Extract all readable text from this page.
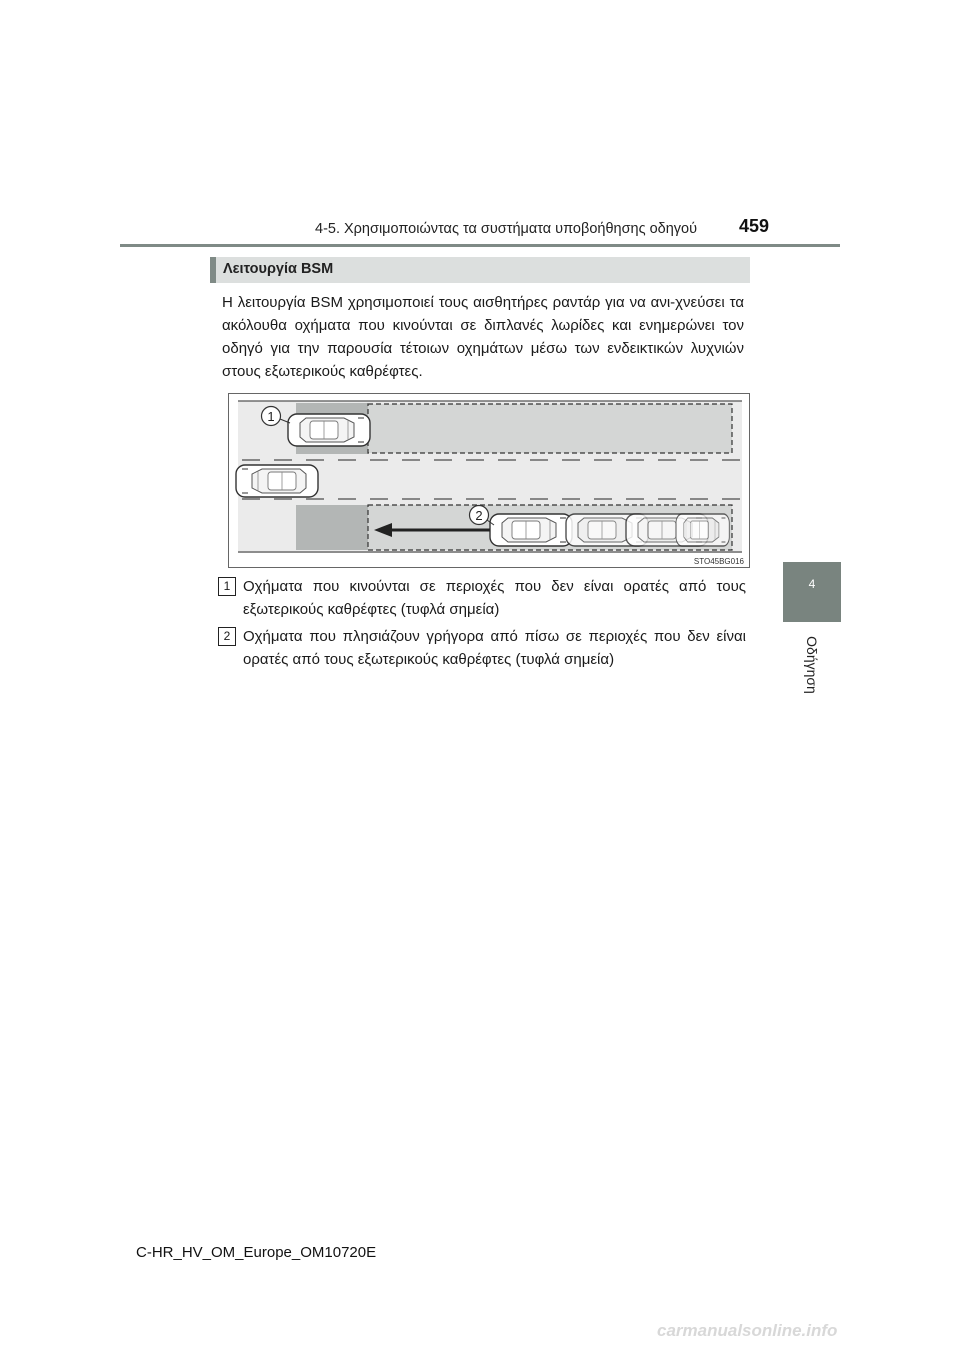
4-5. Χρησιμοποιώντας τα συστήματα υποβοήθησης οδηγού 459
4
Οδήγηση
Λειτουργία BSM
Η λειτουργία BSM χρησιμοποιεί τους αισθητήρες ραντάρ για να ανι-χνεύσει τα ακόλουθα οχήματα που κινούνται σε διπλανές λωρίδες και ενημερώνει τον οδηγό για την παρουσία τέτοιων οχημάτων μέσω των ενδεικτικών λυχνιών στους εξωτερικούς καθρέφτες.
1
2
STO45BG016
1 Οχήματα που κινούνται σε περιοχές που δεν είναι ορατές από τους εξωτερικούς καθρέφτες (τυφλά σημεία)
2 Οχήματα που πλησιάζουν γρήγορα από πίσω σε περιοχές που δεν είναι ορατές από τους εξωτερικούς καθρέφτες (τυφλά σημεία)
C-HR_HV_OM_Europe_OM10720E
carmanualsonline.info
